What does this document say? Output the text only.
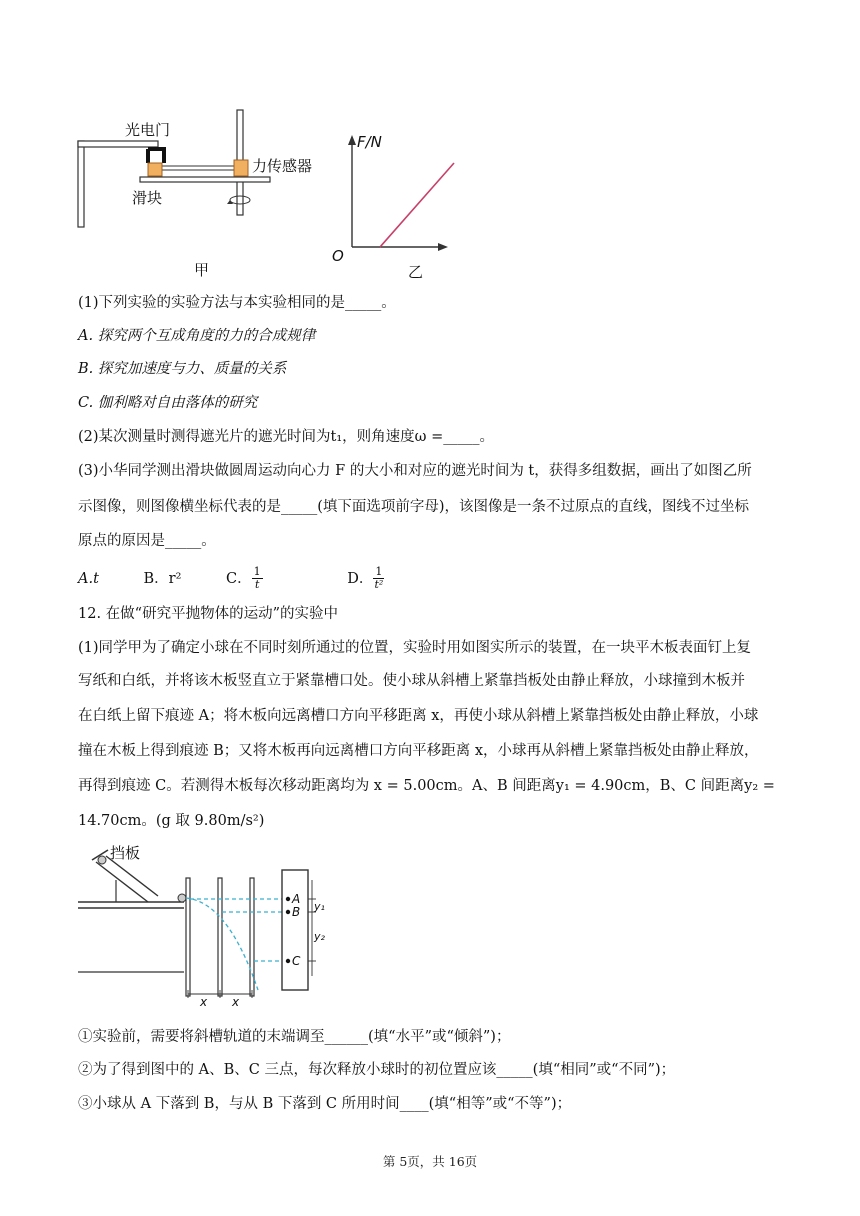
光电门
力传感器
滑块
甲
F/N
O
乙
(1)下列实验的实验方法与本实验相同的是_____。
A. 探究两个互成角度的力的合成规律
B. 探究加速度与力、质量的关系
C. 伽利略对自由落体的研究
(2)某次测量时测得遮光片的遮光时间为t₁，则角速度ω =_____。
(3)小华同学测出滑块做圆周运动向心力 F 的大小和对应的遮光时间为 t，获得多组数据，画出了如图乙所
示图像，则图像横坐标代表的是_____(填下面选项前字母)，该图像是一条不过原点的直线，图线不过坐标
原点的原因是_____。
A.t	B．r²	C． $\frac{1}{t}$	D． $\frac{1}{\text{t²}}$
12. 在做“研究平抛物体的运动”的实验中
(1)同学甲为了确定小球在不同时刻所通过的位置，实验时用如图实所示的装置，在一块平木板表面钉上复
写纸和白纸，并将该木板竖直立于紧靠槽口处。使小球从斜槽上紧靠挡板处由静止释放，小球撞到木板并
在白纸上留下痕迹 A；将木板向远离槽口方向平移距离 x，再使小球从斜槽上紧靠挡板处由静止释放，小球
撞在木板上得到痕迹 B；又将木板再向远离槽口方向平移距离 x，小球再从斜槽上紧靠挡板处由静止释放，
再得到痕迹 C。若测得木板每次移动距离均为 x = 5.00cm。A、B 间距离y₁ = 4.90cm，B、C 间距离y₂ =
14.70cm。(g 取 9.80m/s²)
挡板
A
B
C
y₁
y₂
x x
①实验前，需要将斜槽轨道的末端调至______(填“水平”或“倾斜”)；
②为了得到图中的 A、B、C 三点，每次释放小球时的初位置应该_____(填“相同”或“不同”)；
③小球从 A 下落到 B，与从 B 下落到 C 所用时间____(填“相等”或“不等”)；
第 5页，共 16页
